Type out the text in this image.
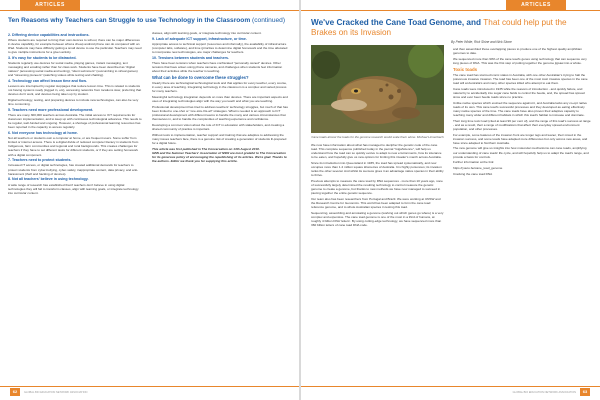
ARTICLES
Ten Reasons why Teachers can Struggle to use Technology in the Classroom (continued)
2. Differing device capabilities and instructions.

Where students are required to bring their own devices to school, there can be major differences in device capability, for example between what a cheap android phone can do compared with an iPad. Students may have difficulty getting a small device to use the particular. Teachers may need to give multiple instructions for a given activity.

3. It's easy for students to be distracted.

Students regularly use devices for social media, playing games, instant messaging, text messaging and emailing rather than for class work. Students have been described as "digital natives" (accessing social media and texting), "silent swimmers" (succumbing to virtual games) and "streaming pioneers" (watching videos while texting and chatting).

4. Technology can affect lesson time and flow.

Lessons are interrupted by regular stoppages that reduce lesson time. This is related to students not having systems ready (logged in, etc), accessing networks from locations slow, preferring that devices don't work, and devices being taken up by student.

Digital technology, testing, and preparing devices to include new technologies, can also be very time consuming.

5. Teachers need more professional development.

There are many 300,000 teachers across Australia. The initial access to ICT requirements for classroom implementation, and to keep up with continuous technological advances. This needs to be regular, well-funded and ongoing. However, a shortage of professional learning resources has been reported in the capacity to access regularly.

6. Not everyone has technology at home.

Not all teachers or students own a computer at home, or are frequent users. Some suffer from limited or internet access. There is a digital divide of reduced computer literacy in students from Indigenous, farm communities and regional and rural backgrounds. This creates challenges for teachers if they have to set different tasks for different students, or if they are setting homework with a digital component.

7. Teachers need to protect students.

Increased IT access, or digital technologies, has created additional demands for teachers to protect students from cyber-bullying, cyber-safety, inappropriate content, data privacy, and anti-harassment (theft and hacking of devices).

8. Not all teachers' believe in using technology.

A wide range of research has established that if teachers don't believe in using digital technologies they will fail to transform classes, align with learning goals, or integrate technology into curricular content.

classes, align with learning goals, or integrate technology into curricular content.

9. Lack of adequate ICT support, infrastructure, or time.

Appropriate access to technical support (resources and informally), the availability of infrastructure (computer labs, software), and time (priorities to determine digital homework and the time allocated to incorporate new technologies, are major challenges for teachers.

10. Tensions between students and teachers.

There have been tensions when teachers have confiscated "personally owned" devices. Other tensions that have arisen using phone cameras, and challenges when students feel information about their activities while the teacher is teaching.

What can be done to overcome these struggles?

Clearly there are technological technological tools and that applies for every teacher, every course, in every area of teaching. Integrating technology in the classroom is a complex and varied process for many teachers.

Meaningful technology integration depends on more than devices. There are important aspects and uses of integrating technologies align with the way you teach and what you are teaching.

Professional development has tried to address teachers' technology struggles, but much of that has been limited to one-shot or "one-size-fits-all" strategies. What is needed is an approach to ICT professional development with different teams to handle the many and various circumstances that themselves in, and to handle the complexities of teaching experience and confidence.

Developing a common vision about the role of ICT in education with stakeholders, and creating a shared community of practice is important.

Without tools to implementation, teacher support and training that are adaptive to addressing the many issues teachers face, there is a genuine risk of creating a generation of students ill-prepared for a digital future.

This article was first published in The Conversation on 14th August 2018.
GBN and the Summer Teachers' Association of NSW are most grateful to The Conversation for its generous policy of encouraging the republishing of its articles. We're glad. Thanks to the authors. Editor we thank you for supplying this article.
62	GLOBAL BIO EDUCATION NETWORK ASSOCIATION
ARTICLES
We've Cracked the Cane Toad Genome, and That could help put the Brakes on its Invasion
By Peter White, Rick Shine and Nick Stone
Cane toads almost the toads for the genome research would scale them alone. Michael Linnenbach

We now have information about what has managed to decipher the genetic code of the cane toad. This complete sequence published today in the journal "GigaScience", will help us understand how the toad can so quickly evolve to adapt to new environments, how its tolerance to be eaten, and hopefully give us new options for limiting this invader's march across Australia.

Since its introduction into Queensland in 1935, the toad has spread systematically, and now occupies more than 1.2 million square kilometres of Australia. It is highly poisonous; its invasion ranks the other several. And whilst its success gives it an advantage native species in their ability to thrive.

Previous attempts to measure the cane toad by RNA sequences - more than 10 years ago, none of successfully largely determined the resulting technology to control measure the genetic genome to create a genome, but thanks to new methods we have now managed to succeed in piecing together the entire genetic sequence.

Our team also has been researchers from Portugal and Brazil. We were working at UNSW and the Research Centre for Genomics. This world has been adapted to form the cane toad reference genome, and to whole Australian species in testing this toad.

Sequencing, assembling and annotating a genome (working out which genes go where) is a very complex and expensive. The cane toad genome is one of the most in a third of humans, at roughly 4 billion DNA 'letters'. By using cutting-edge technology, we have sequenced more than 360 billion letters of cane toad DNA code.

and then assembled those overlapping pieces to produce one of the highest quality amphibian genomes to date.

We sequenced more than 90% of the cane toad's genes using technology that can sequence very long pieces of DNA. This was the first step of putting together the genome jigsaw into a whole.

Toxic toads

The cane toad has stormed iconic status in Australia, with one other Australian's trying to halt the poisonous invasive invasion. The toad has been one of the most toxic invasive species in the cane toad will at Australia's and many other species killed who attempt to eat them.

Cane toads were introduced in 1935 while the reasons of introduction - and quickly failure, and natural by to accidentally into sugar cane fields to control the beetle, and, the spread has spread since and ever been beetle toads since no practice.

Unlike native species which evolved the sequence against it, and Australia lacks any co-opt native toads of its own. This cane toad's successful processes and they developed as eating effectively many native species of the time. The cane toads have also proven their adaptive capacity to reaching many wider and different habitats in which this toad's habitat to increase and dominate.

Their long time toxic load (cited at least 96 per cent of), and the range of this toad's success at range - and as a result, their a range of modifications that affect their everyday spread environment population, and other processes.

For example, some features of the invasion front are longer legs and leaner, their mixed in the invasion success, and some toads have adapted more differences but only across new areas, and have since adapted to Northern Australia.

The new genome will give us insights into how molecular mechanisms can cane toads, amplifying our understanding of cane toads' life cycle, and will hopefully help us to adapt the toad's range, and provide a basis for controls.

Further information at the link:

https://youtu.be/cane_toad_genome

Cracking the cane toad DNA

63
GLOBAL BIO EDUCATION NETWORK ASSOCIATION
